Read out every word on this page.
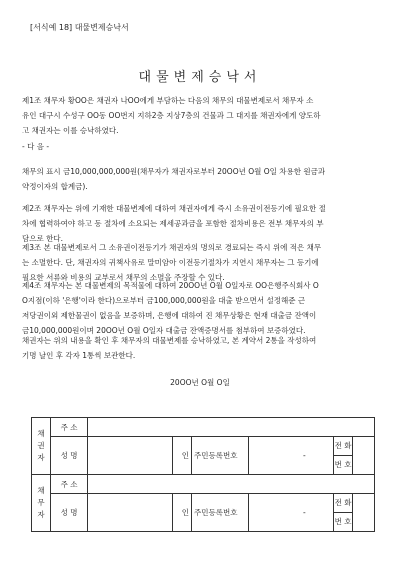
[서식예 18] 대물변제승낙서
대물변제승낙서
제1조 채무자 황OO은 채권자 나OO에게 부담하는 다음의 채무의 대물변제로서 채무자 소
유인 대구시 수성구 OO동 OO번지 지하2층 지상7층의 건물과 그 대지를 채권자에게 양도하
고 채권자는 이를 승낙하였다.
- 다 음 -
채무의 표시 금10,000,000,000원(채무자가 채권자로부터 20OO년 O월 O일 차용한 원금과
약정이자의 합계금).
제2조 채무자는 위에 기재한 대물변제에 대하여 채권자에게 즉시 소유권이전등기에 필요한 절
차에 협력하여야 하고 동 절차에 소요되는 제세공과금을 포함한 절차비용은 전부 채무자의 부
담으로 한다.
제3조 본 대물변제로서 그 소유권이전등기가 채권자의 명의로 경료되는 즉시 위에 적은 채무
는 소멸한다. 단, 채권자의 귀책사유로 말미암아 이전등기절차가 지연시 채무자는 그 등기에
필요한 서류와 비용의 교부로서 채무의 소멸을 주장할 수 있다.
제4조 채무자는 본 대물변제의 목적물에 대하여 20OO년 O월 O일자로 OO은행주식회사 O
O지점(이하 '은행'이라 한다)으로부터 금100,000,000원을 대출 받으면서 설정해준 근
저당권이외 제한물권이 없음을 보증하며, 은행에 대하여 진 채무상황은 현재 대출금 잔액이
금10,000,000원이며 20OO년 O월 O일자 대출금 잔액증명서를 첨부하여 보증하였다.
채권자는 위의 내용을 확인 후 채무자의 대물변제를 승낙하였고, 본 계약서 2통을 작성하여
기명 날인 후 각자 1통씩 보관한다.
20OO년 O월 O일
채
권
자	주 소						
	성 명		인	주민등록번호	-	전 화	

						번 호	

채
무
자	주 소						
	성 명		인	주민등록번호	-	전 화	

						번 호	
